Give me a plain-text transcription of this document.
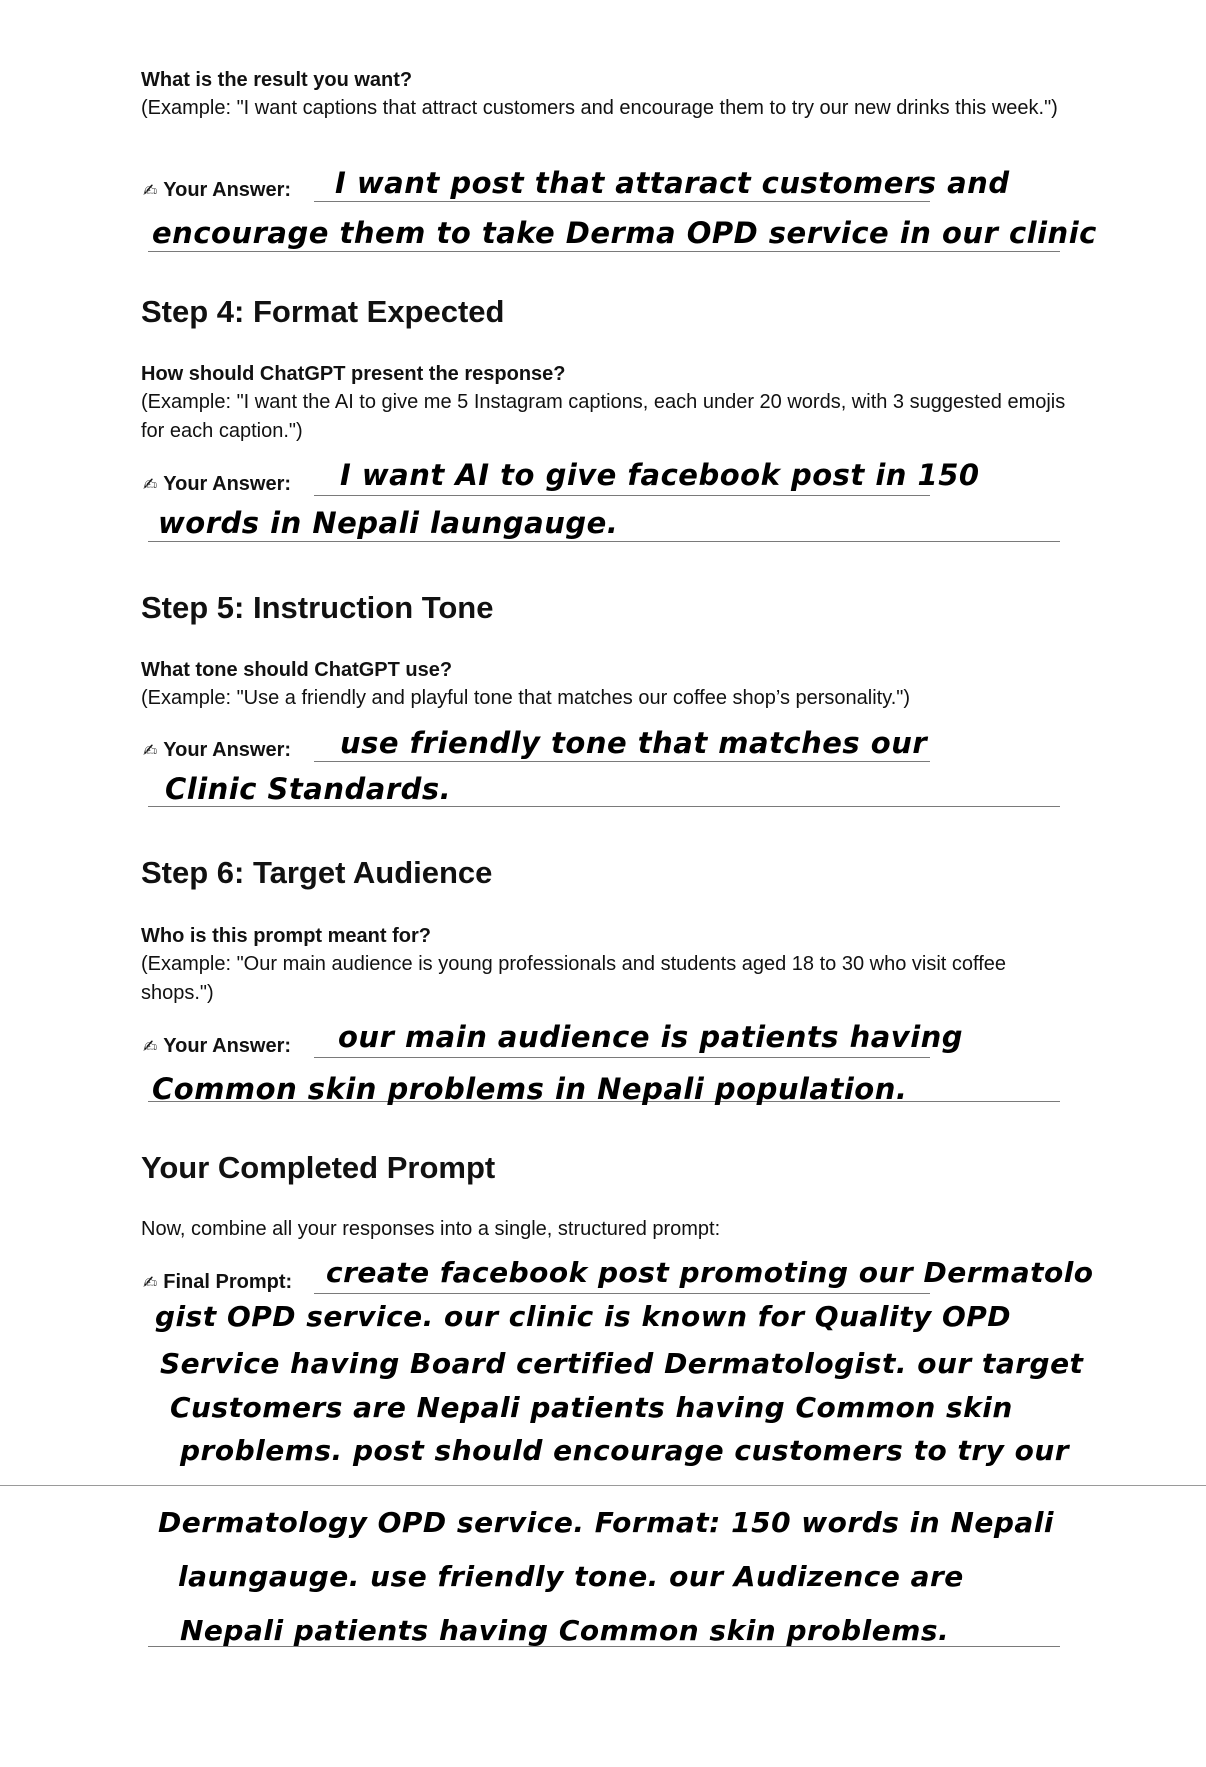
What is the result you want?
(Example: "I want captions that attract customers and encourage them to try our new drinks this week.")
✍ Your Answer: I want post that attaract customers and
encourage them to take Derma OPD service in our clinic
Step 4: Format Expected
How should ChatGPT present the response?
(Example: "I want the AI to give me 5 Instagram captions, each under 20 words, with 3 suggested emojis for each caption.")
✍ Your Answer: I want AI to give facebook post in 150
words in Nepali laungauge.
Step 5: Instruction Tone
What tone should ChatGPT use?
(Example: "Use a friendly and playful tone that matches our coffee shop’s personality.")
✍ Your Answer: use friendly tone that matches our
Clinic Standards.
Step 6: Target Audience
Who is this prompt meant for?
(Example: "Our main audience is young professionals and students aged 18 to 30 who visit coffee shops.")
✍ Your Answer: our main audience is patients having
Common skin problems in Nepali population.
Your Completed Prompt
Now, combine all your responses into a single, structured prompt:
✍ Final Prompt: create facebook post promoting our Dermatolo
gist OPD service. our clinic is known for Quality OPD
Service having Board certified Dermatologist. our target
Customers are Nepali patients having Common skin
problems. post should encourage customers to try our
Dermatology OPD service. Format: 150 words in Nepali
laungauge. use friendly tone. our Audizence are
Nepali patients having Common skin problems.
